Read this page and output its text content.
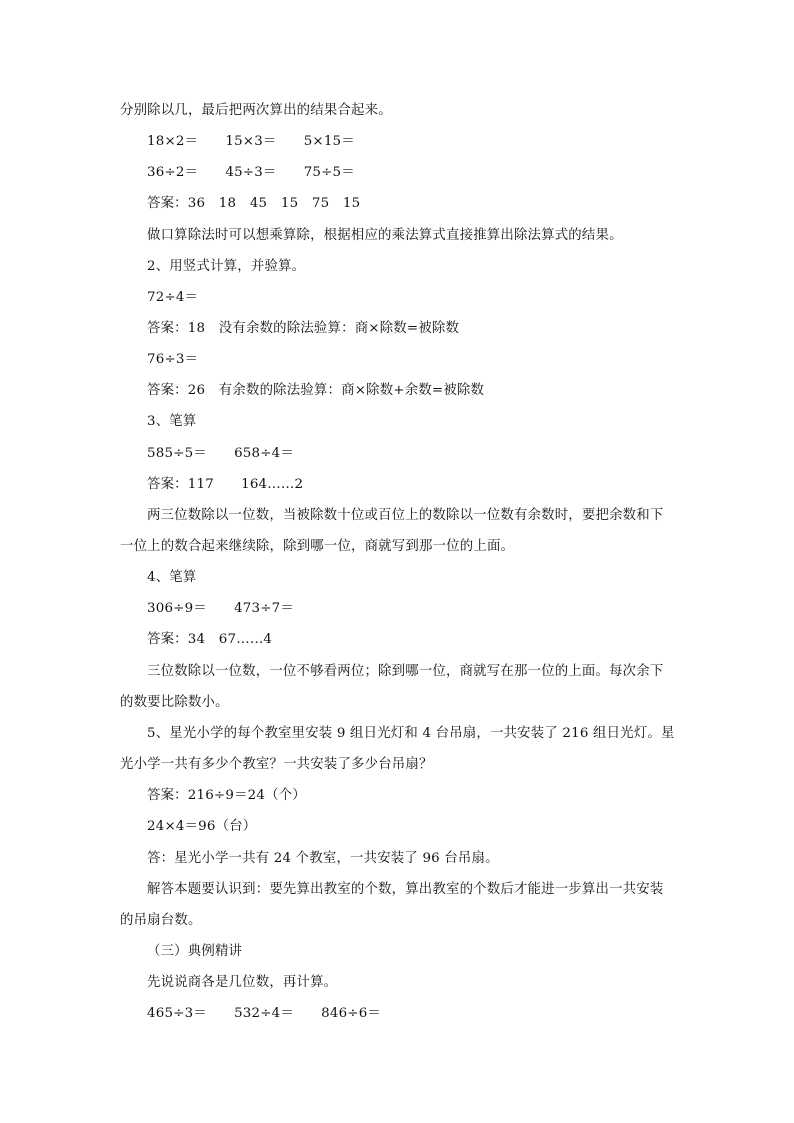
分别除以几，最后把两次算出的结果合起来。
18×2＝　　15×3＝　　5×15＝
36÷2＝　　45÷3＝　　75÷5＝
答案：36　18　45　15　75　15
做口算除法时可以想乘算除，根据相应的乘法算式直接推算出除法算式的结果。
2、用竖式计算，并验算。
72÷4＝
答案：18　没有余数的除法验算：商×除数=被除数
76÷3＝
答案：26　有余数的除法验算：商×除数+余数=被除数
3、笔算
585÷5＝　　658÷4＝
答案：117　　164……2
两三位数除以一位数，当被除数十位或百位上的数除以一位数有余数时，要把余数和下
一位上的数合起来继续除，除到哪一位，商就写到那一位的上面。
4、笔算
306÷9＝　　473÷7＝
答案：34　67……4
三位数除以一位数，一位不够看两位；除到哪一位，商就写在那一位的上面。每次余下
的数要比除数小。
5、星光小学的每个教室里安装 9 组日光灯和 4 台吊扇，一共安装了 216 组日光灯。星
光小学一共有多少个教室？一共安装了多少台吊扇？
答案：216÷9＝24（个）
24×4＝96（台）
答：星光小学一共有 24 个教室，一共安装了 96 台吊扇。
解答本题要认识到：要先算出教室的个数，算出教室的个数后才能进一步算出一共安装
的吊扇台数。
（三）典例精讲
先说说商各是几位数，再计算。
465÷3＝　　532÷4＝　　846÷6＝
